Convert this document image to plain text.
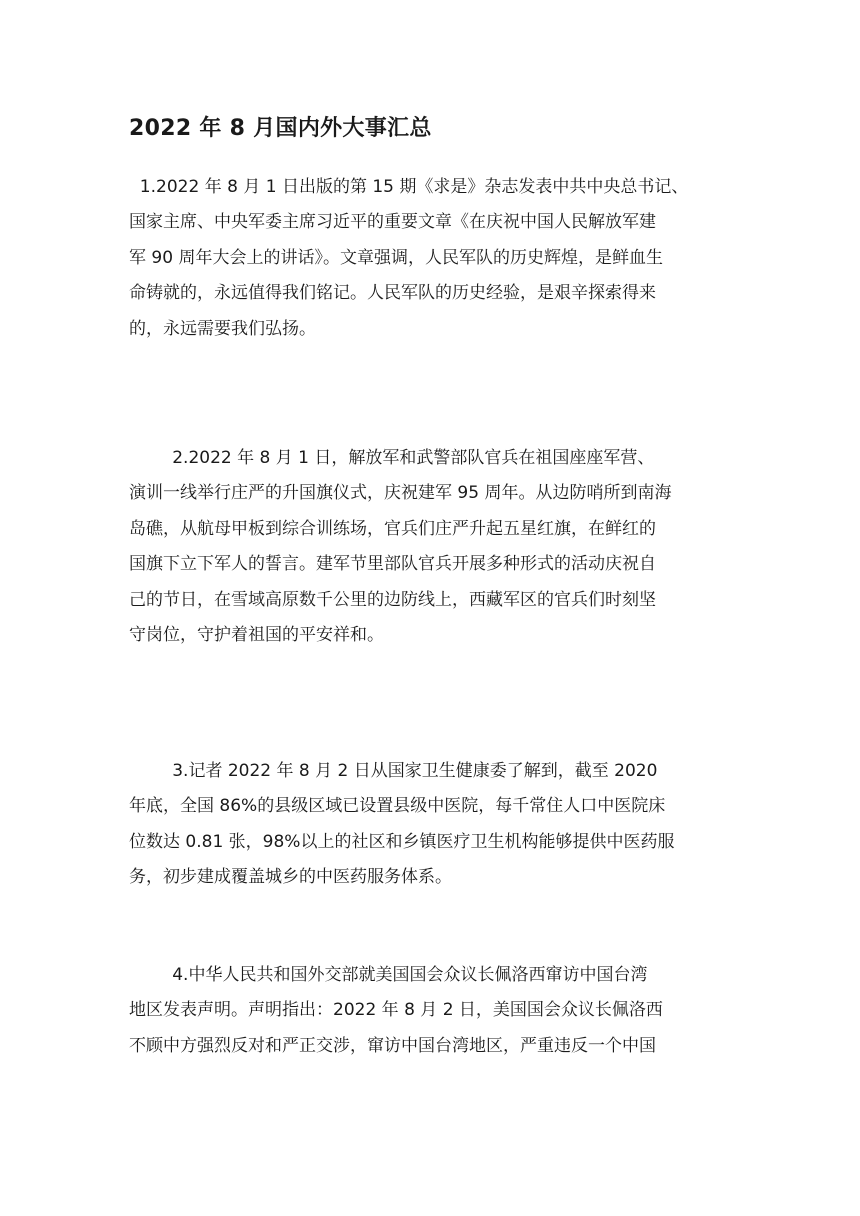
2022 年 8 月国内外大事汇总

1.2022 年 8 月 1 日出版的第 15 期《求是》杂志发表中共中央总书记、
国家主席、中央军委主席习近平的重要文章《在庆祝中国人民解放军建
军 90 周年大会上的讲话》。文章强调，人民军队的历史辉煌，是鲜血生
命铸就的，永远值得我们铭记。人民军队的历史经验，是艰辛探索得来
的，永远需要我们弘扬。

2.2022 年 8 月 1 日，解放军和武警部队官兵在祖国座座军营、
演训一线举行庄严的升国旗仪式，庆祝建军 95 周年。从边防哨所到南海
岛礁，从航母甲板到综合训练场，官兵们庄严升起五星红旗，在鲜红的
国旗下立下军人的誓言。建军节里部队官兵开展多种形式的活动庆祝自
己的节日，在雪域高原数千公里的边防线上，西藏军区的官兵们时刻坚
守岗位，守护着祖国的平安祥和。

3.记者 2022 年 8 月 2 日从国家卫生健康委了解到，截至 2020
年底，全国 86%的县级区域已设置县级中医院，每千常住人口中医院床
位数达 0.81 张，98%以上的社区和乡镇医疗卫生机构能够提供中医药服
务，初步建成覆盖城乡的中医药服务体系。

4.中华人民共和国外交部就美国国会众议长佩洛西窜访中国台湾
地区发表声明。声明指出：2022 年 8 月 2 日，美国国会众议长佩洛西
不顾中方强烈反对和严正交涉，窜访中国台湾地区，严重违反一个中国
